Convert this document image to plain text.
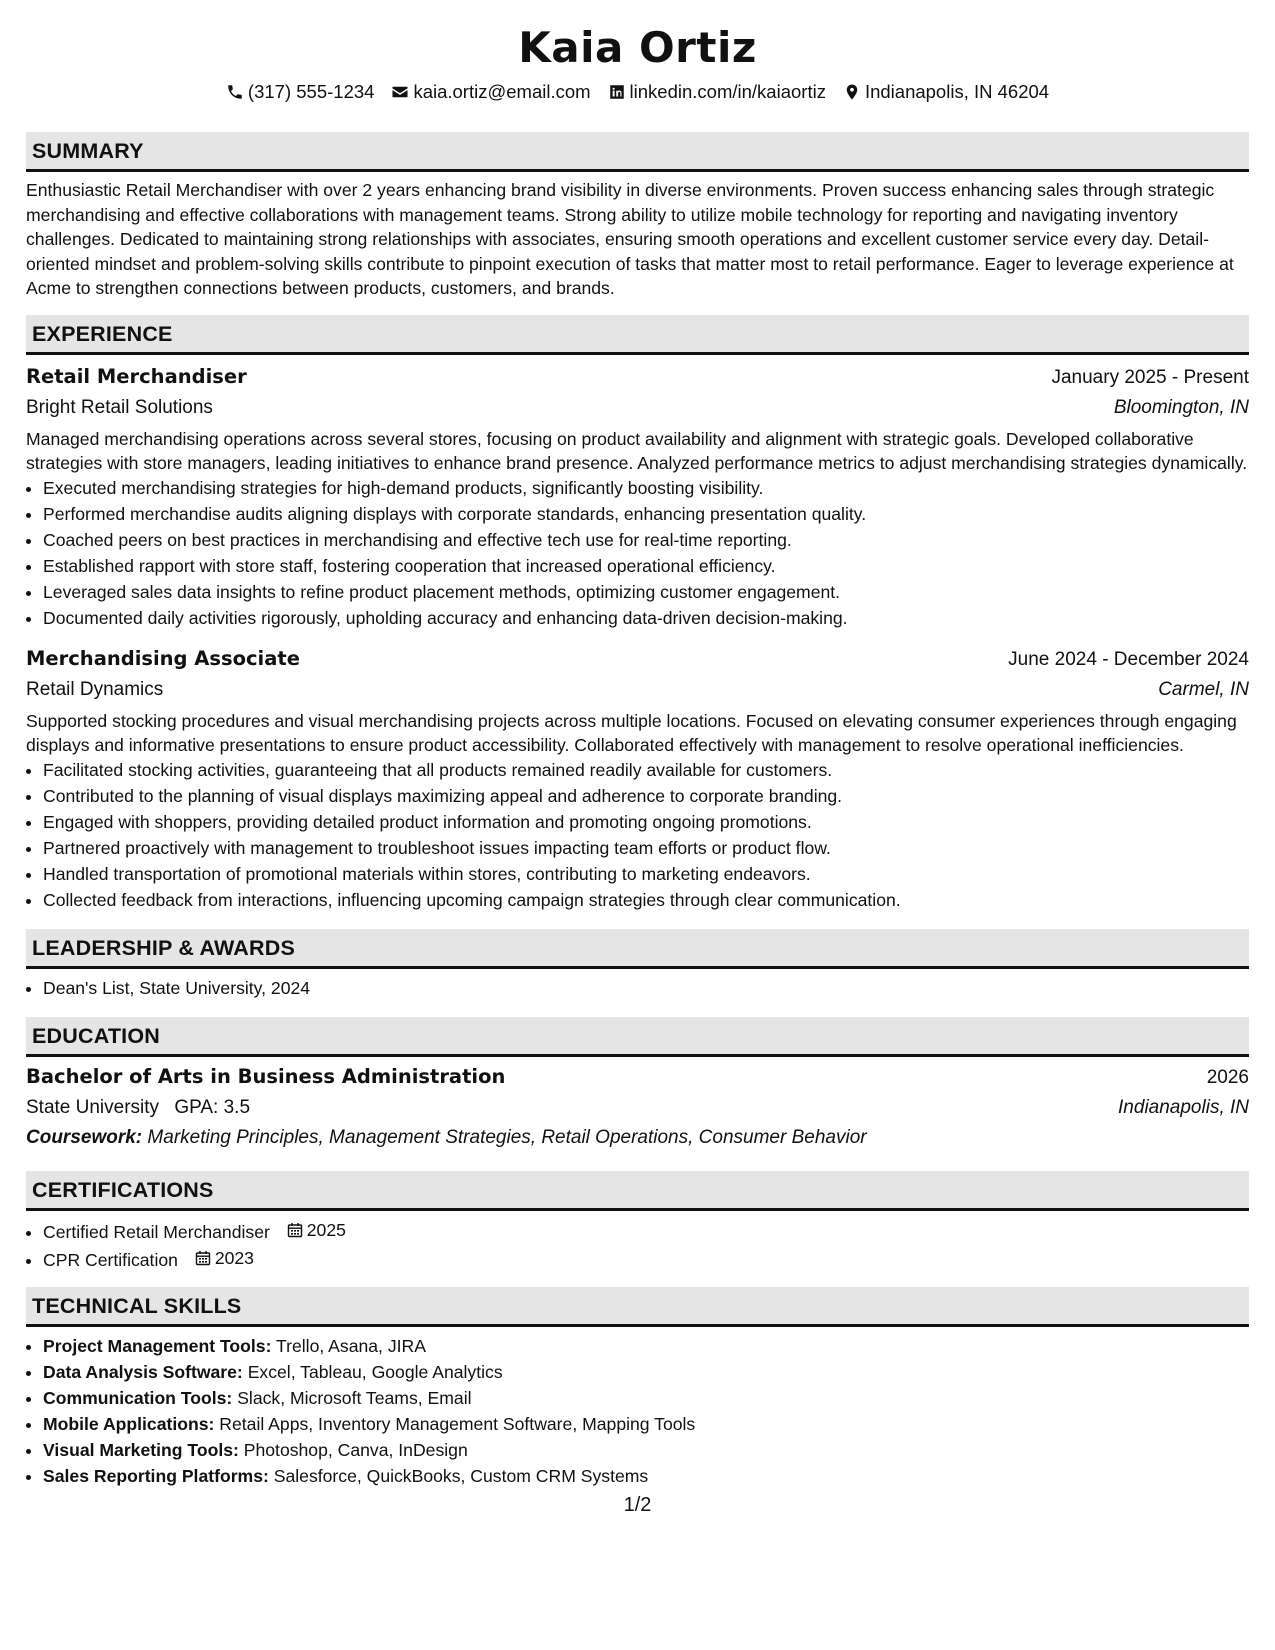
Kaia Ortiz
(317) 555-1234 kaia.ortiz@email.com linkedin.com/in/kaiaortiz Indianapolis, IN 46204
SUMMARY
Enthusiastic Retail Merchandiser with over 2 years enhancing brand visibility in diverse environments. Proven success enhancing sales through strategic merchandising and effective collaborations with management teams. Strong ability to utilize mobile technology for reporting and navigating inventory challenges. Dedicated to maintaining strong relationships with associates, ensuring smooth operations and excellent customer service every day. Detail-oriented mindset and problem-solving skills contribute to pinpoint execution of tasks that matter most to retail performance. Eager to leverage experience at Acme to strengthen connections between products, customers, and brands.
EXPERIENCE
Retail Merchandiser	January 2025 - Present
Bright Retail Solutions	Bloomington, IN
Managed merchandising operations across several stores, focusing on product availability and alignment with strategic goals. Developed collaborative strategies with store managers, leading initiatives to enhance brand presence. Analyzed performance metrics to adjust merchandising strategies dynamically.
• Executed merchandising strategies for high-demand products, significantly boosting visibility.
• Performed merchandise audits aligning displays with corporate standards, enhancing presentation quality.
• Coached peers on best practices in merchandising and effective tech use for real-time reporting.
• Established rapport with store staff, fostering cooperation that increased operational efficiency.
• Leveraged sales data insights to refine product placement methods, optimizing customer engagement.
• Documented daily activities rigorously, upholding accuracy and enhancing data-driven decision-making.
Merchandising Associate	June 2024 - December 2024
Retail Dynamics	Carmel, IN
Supported stocking procedures and visual merchandising projects across multiple locations. Focused on elevating consumer experiences through engaging displays and informative presentations to ensure product accessibility. Collaborated effectively with management to resolve operational inefficiencies.
• Facilitated stocking activities, guaranteeing that all products remained readily available for customers.
• Contributed to the planning of visual displays maximizing appeal and adherence to corporate branding.
• Engaged with shoppers, providing detailed product information and promoting ongoing promotions.
• Partnered proactively with management to troubleshoot issues impacting team efforts or product flow.
• Handled transportation of promotional materials within stores, contributing to marketing endeavors.
• Collected feedback from interactions, influencing upcoming campaign strategies through clear communication.
LEADERSHIP & AWARDS
• Dean's List, State University, 2024
EDUCATION
Bachelor of Arts in Business Administration	2026
State University GPA: 3.5	Indianapolis, IN
Coursework: Marketing Principles, Management Strategies, Retail Operations, Consumer Behavior
CERTIFICATIONS
• Certified Retail Merchandiser 2025
• CPR Certification 2023
TECHNICAL SKILLS
• Project Management Tools: Trello, Asana, JIRA
• Data Analysis Software: Excel, Tableau, Google Analytics
• Communication Tools: Slack, Microsoft Teams, Email
• Mobile Applications: Retail Apps, Inventory Management Software, Mapping Tools
• Visual Marketing Tools: Photoshop, Canva, InDesign
• Sales Reporting Platforms: Salesforce, QuickBooks, Custom CRM Systems
1/2
